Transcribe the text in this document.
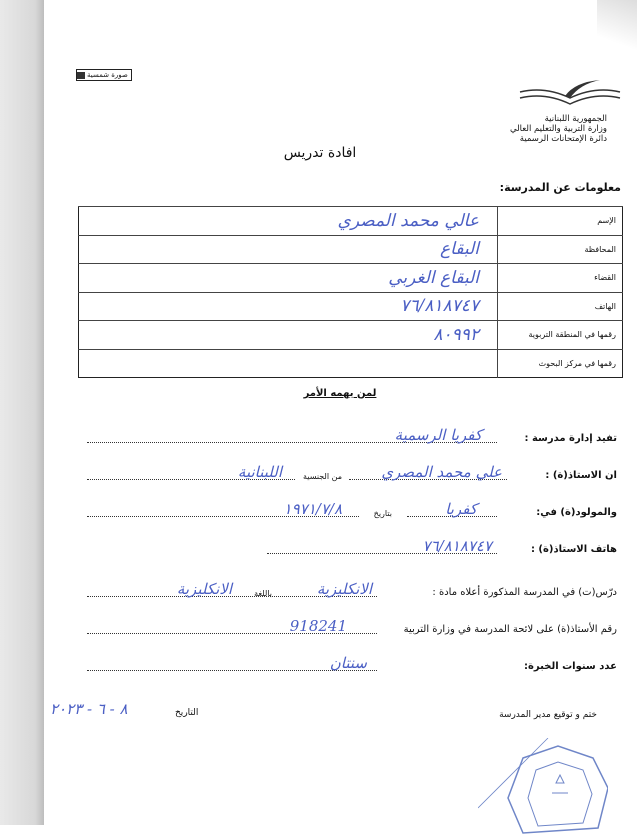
صورة شمسية
الجمهورية اللبنانية
وزارة التربية والتعليم العالي
دائرة الإمتحانات الرسمية
افادة تدريس
معلومات عن المدرسة:
عالي محمد المصري	الإسم
البقاع	المحافظة
البقاع الغربي	القضاء
٧٦/٨١٨٧٤٧	الهاتف
٨٠٩٩٢	رقمها في المنطقة التربوية
	رقمها في مركز البحوث
لمن يهمه الأمر
تفيد إدارة مدرسة :
كفريا الرسمية
ان الاستاذ(ة) :
علي محمد المصري
من الجنسية
اللبنانية
والمولود(ة) في:
كفريا
بتاريخ
١٩٧١/٧/٨
هاتف الاستاذ(ة) :
٧٦/٨١٨٧٤٧
درّس(ت) في المدرسة المذكورة أعلاه مادة :
الانكليزية
باللغة
الانكليزية
رقم الأستاذ(ة) على لائحة المدرسة في وزارة التربية
918241
عدد سنوات الخبرة:
سنتان
ختم و توقيع مدير المدرسة
التاريخ
٨ - ٦ - ٢٠٢٣
